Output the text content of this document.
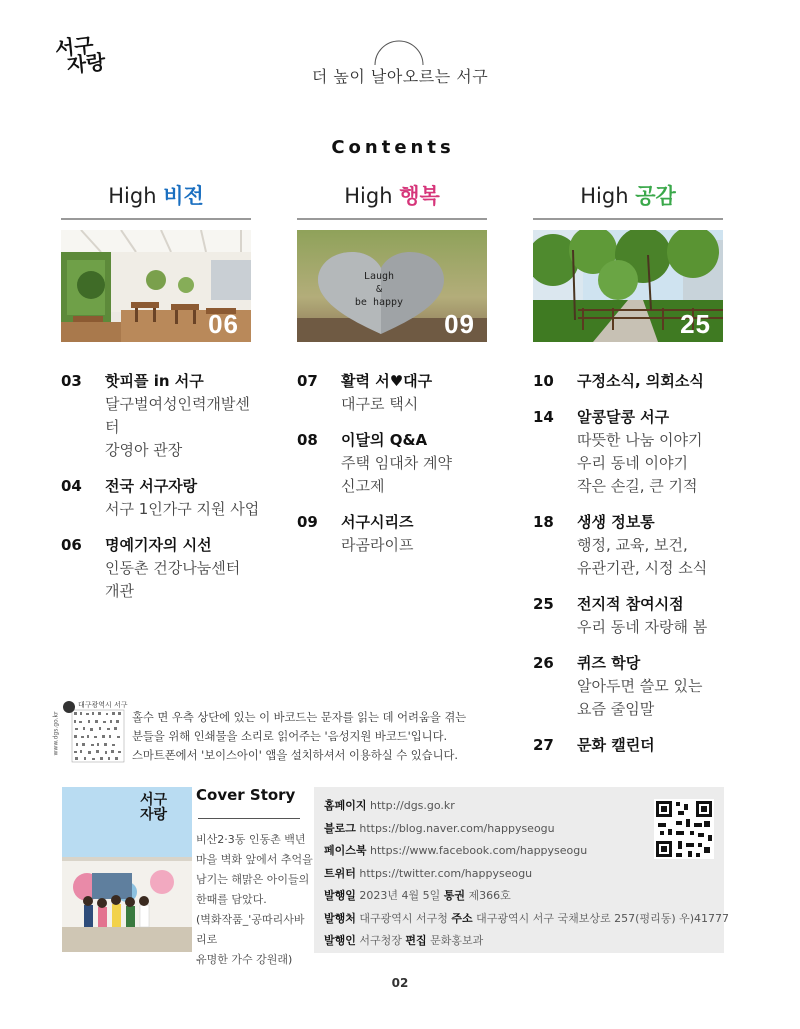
서구
자랑	더 높이 날아오르는 서구
Contents
High 비전
06
03	핫피플 in 서구
달구벌여성인력개발센터
강영아 관장
04	전국 서구자랑
서구 1인가구 지원 사업
06	명예기자의 시선
인동촌 건강나눔센터
개관
High 행복
Laugh
&
be happy
09
07	활력 서♥대구
대구로 택시
08	이달의 Q&A
주택 임대차 계약
신고제
09	서구시리즈
라곰라이프
High 공감
25
10	구정소식, 의회소식
14	알콩달콩 서구
따뜻한 나눔 이야기
우리 동네 이야기
작은 손길, 큰 기적
18	생생 정보통
행정, 교육, 보건,
유관기관, 시정 소식
25	전지적 참여시점
우리 동네 자랑해 봄
26	퀴즈 학당
알아두면 쓸모 있는
요즘 줄임말
27	문화 캘린더
대구광역시 서구
www.dgs.go.kr	홀수 면 우측 상단에 있는 이 바코드는 문자를 읽는 데 어려움을 겪는
분들을 위해 인쇄물을 소리로 읽어주는 '음성지원 바코드'입니다.
스마트폰에서 '보이스아이' 앱을 설치하셔서 이용하실 수 있습니다.
서구자랑
Cover Story
비산2·3동 인동촌 백년
마을 벽화 앞에서 추억을
남기는 해맑은 아이들의
한때를 담았다.
(벽화작품_'공따리사바리로
유명한 가수 강원래)
홈페이지 http://dgs.go.kr
블로그 https://blog.naver.com/happyseogu
페이스북 https://www.facebook.com/happyseogu
트위터 https://twitter.com/happyseogu
발행일 2023년 4월 5일 통권 제366호
발행처 대구광역시 서구청 주소 대구광역시 서구 국채보상로 257(평리동) 우)41777
발행인 서구청장 편집 문화홍보과
02
